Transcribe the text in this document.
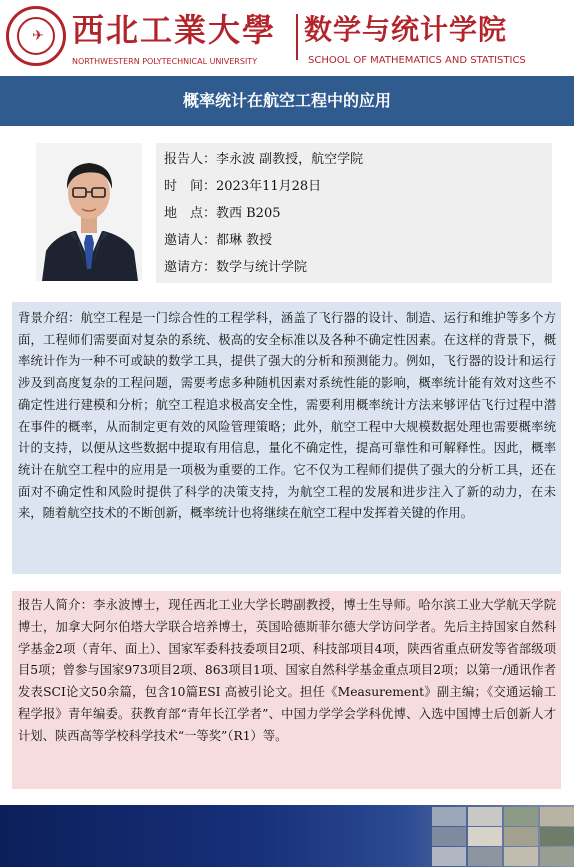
✈ 西北工業大學
NORTHWESTERN POLYTECHNICAL UNIVERSITY
数学与统计学院
SCHOOL OF MATHEMATICS AND STATISTICS
概率统计在航空工程中的应用
报告人：李永波 副教授，航空学院
时　间：2023年11月28日
地　点：教西 B205
邀请人：都琳 教授
邀请方：数学与统计学院

背景介绍：航空工程是一门综合性的工程学科，涵盖了飞行器的设计、制造、运行和维护等多个方面，工程师们需要面对复杂的系统、极高的安全标准以及各种不确定性因素。在这样的背景下，概率统计作为一种不可或缺的数学工具，提供了强大的分析和预测能力。例如，飞行器的设计和运行涉及到高度复杂的工程问题，需要考虑多种随机因素对系统性能的影响，概率统计能有效对这些不确定性进行建模和分析；航空工程追求极高安全性，需要利用概率统计方法来够评估飞行过程中潜在事件的概率，从而制定更有效的风险管理策略；此外，航空工程中大规模数据处理也需要概率统计的支持，以便从这些数据中提取有用信息，量化不确定性，提高可靠性和可解释性。因此，概率统计在航空工程中的应用是一项极为重要的工作。它不仅为工程师们提供了强大的分析工具，还在面对不确定性和风险时提供了科学的决策支持，为航空工程的发展和进步注入了新的动力，在未来，随着航空技术的不断创新，概率统计也将继续在航空工程中发挥着关键的作用。

报告人简介：李永波博士，现任西北工业大学长聘副教授，博士生导师。哈尔滨工业大学航天学院博士，加拿大阿尔伯塔大学联合培养博士，英国哈德斯菲尔德大学访问学者。先后主持国家自然科学基金2项（青年、面上）、国家军委科技委项目2项、科技部项目4项，陕西省重点研发等省部级项目5项；曾参与国家973项目2项、863项目1项、国家自然科学基金重点项目2项；以第一/通讯作者发表SCI论文50余篇，包含10篇ESI 高被引论文。担任《Measurement》副主编；《交通运输工程学报》青年编委。获教育部“青年长江学者”、中国力学学会学科优博、入选中国博士后创新人才计划、陕西高等学校科学技术“一等奖”（R1）等。
